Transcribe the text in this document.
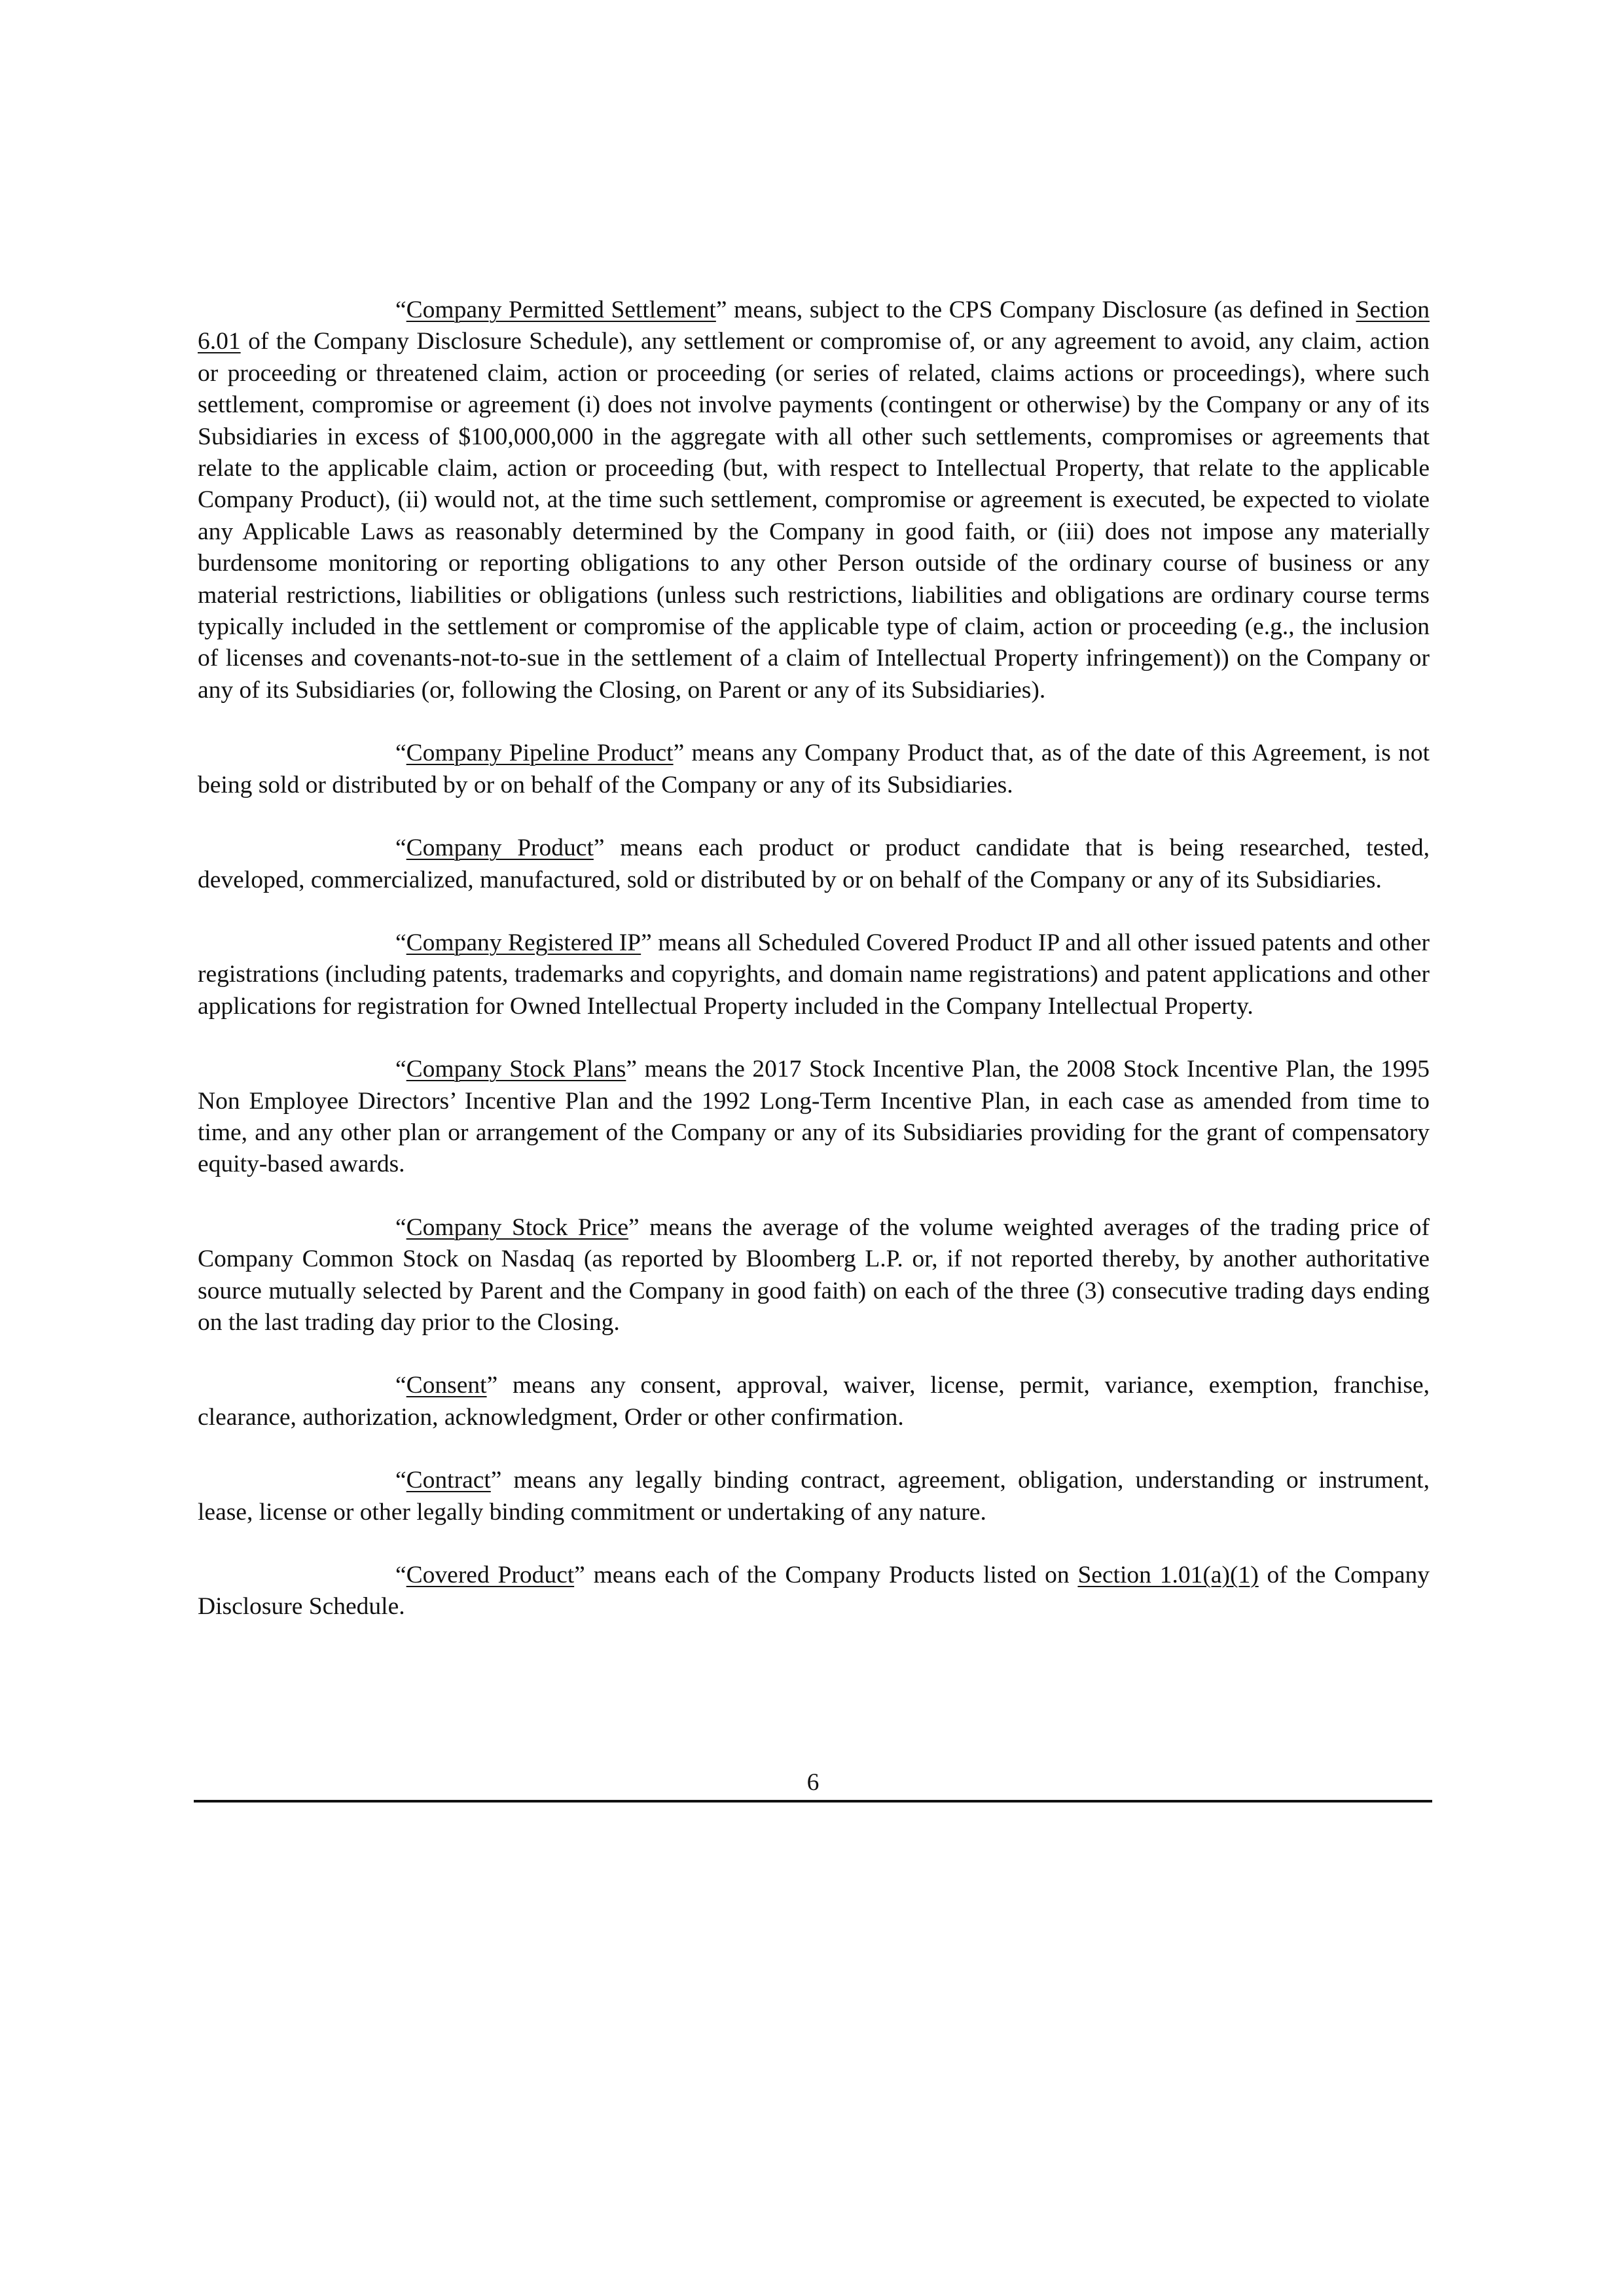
“Company Permitted Settlement” means, subject to the CPS Company Disclosure (as defined in Section 6.01 of the Company Disclosure Schedule), any settlement or compromise of, or any agreement to avoid, any claim, action or proceeding or threatened claim, action or proceeding (or series of related, claims actions or proceedings), where such settlement, compromise or agreement (i) does not involve payments (contingent or otherwise) by the Company or any of its Subsidiaries in excess of $100,000,000 in the aggregate with all other such settlements, compromises or agreements that relate to the applicable claim, action or proceeding (but, with respect to Intellectual Property, that relate to the applicable Company Product), (ii) would not, at the time such settlement, compromise or agreement is executed, be expected to violate any Applicable Laws as reasonably determined by the Company in good faith, or (iii) does not impose any materially burdensome monitoring or reporting obligations to any other Person outside of the ordinary course of business or any material restrictions, liabilities or obligations (unless such restrictions, liabilities and obligations are ordinary course terms typically included in the settlement or compromise of the applicable type of claim, action or proceeding (e.g., the inclusion of licenses and covenants-not-to-sue in the settlement of a claim of Intellectual Property infringement)) on the Company or any of its Subsidiaries (or, following the Closing, on Parent or any of its Subsidiaries).

“Company Pipeline Product” means any Company Product that, as of the date of this Agreement, is not being sold or distributed by or on behalf of the Company or any of its Subsidiaries.

“Company Product” means each product or product candidate that is being researched, tested, developed, commercialized, manufactured, sold or distributed by or on behalf of the Company or any of its Subsidiaries.

“Company Registered IP” means all Scheduled Covered Product IP and all other issued patents and other registrations (including patents, trademarks and copyrights, and domain name registrations) and patent applications and other applications for registration for Owned Intellectual Property included in the Company Intellectual Property.

“Company Stock Plans” means the 2017 Stock Incentive Plan, the 2008 Stock Incentive Plan, the 1995 Non Employee Directors’ Incentive Plan and the 1992 Long-Term Incentive Plan, in each case as amended from time to time, and any other plan or arrangement of the Company or any of its Subsidiaries providing for the grant of compensatory equity-based awards.

“Company Stock Price” means the average of the volume weighted averages of the trading price of Company Common Stock on Nasdaq (as reported by Bloomberg L.P. or, if not reported thereby, by another authoritative source mutually selected by Parent and the Company in good faith) on each of the three (3) consecutive trading days ending on the last trading day prior to the Closing.

“Consent” means any consent, approval, waiver, license, permit, variance, exemption, franchise, clearance, authorization, acknowledgment, Order or other confirmation.

“Contract” means any legally binding contract, agreement, obligation, understanding or instrument, lease, license or other legally binding commitment or undertaking of any nature.

“Covered Product” means each of the Company Products listed on Section 1.01(a)(1) of the Company Disclosure Schedule.

6
